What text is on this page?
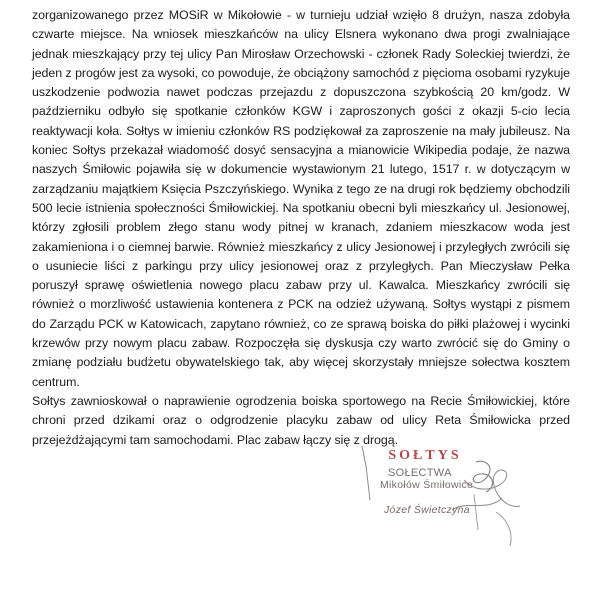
zorganizowanego przez MOSiR w Mikołowie - w turnieju udział wzięło 8 drużyn, nasza zdobyła czwarte miejsce. Na wniosek mieszkańców na ulicy Elsnera wykonano dwa progi zwalniające jednak mieszkający przy tej ulicy Pan Mirosław Orzechowski - członek Rady Soleckiej twierdzi, że jeden z progów jest za wysoki, co powoduje, że obciążony samochód z pięcioma osobami ryzykuje uszkodzenie podwozia nawet podczas przejazdu z dopuszczona szybkością 20 km/godz. W październiku odbyło się spotkanie członków KGW i zaproszonych gości z okazji 5-cio lecia reaktywacji koła. Sołtys w imieniu członków RS podziękował za zaproszenie na mały jubileusz. Na koniec Sołtys przekazał wiadomość dosyć sensacyjna a mianowicie Wikipedia podaje, że nazwa naszych Śmiłowic pojawiła się w dokumencie wystawionym 21 lutego, 1517 r. w dotyczącym w zarządzaniu majątkiem Księcia Pszczyńskiego. Wynika z tego ze na drugi rok będziemy obchodzili 500 lecie istnienia społeczności Śmiłowickiej. Na spotkaniu obecni byli mieszkańcy ul. Jesionowej, którzy zgłosili problem złego stanu wody pitnej w kranach, zdaniem mieszkacow woda jest zakamieniona i o ciemnej barwie. Również mieszkańcy z ulicy Jesionowej i przyległych zwrócili się o usuniecie liści z parkingu przy ulicy jesionowej oraz z przyległych. Pan Mieczysław Pełka poruszył sprawę oświetlenia nowego placu zabaw przy ul. Kawalca. Mieszkańcy zwrócili się również o morzliwość ustawienia kontenera z PCK na odzież używaną. Sołtys wystąpi z pismem do Zarządu PCK w Katowicach, zapytano również, co ze sprawą boiska do piłki plażowej i wycinki krzewów przy nowym placu zabaw. Rozpoczęła się dyskusja czy warto zwrócić się do Gminy o zmianę podziału budżetu obywatelskiego tak, aby więcej skorzystały mniejsze sołectwa kosztem centrum.

Sołtys zawnioskował o naprawienie ogrodzenia boiska sportowego na Recie Śmiłowickiej, które chroni przed dzikami oraz o odgrodzenie placyku zabaw od ulicy Reta Śmiłowicka przed przejeżdżającymi tam samochodami. Plac zabaw łączy się z drogą.

SOŁTYS
SOŁECTWA
Mikołów Śmiłowice
Józef Świetczyna
